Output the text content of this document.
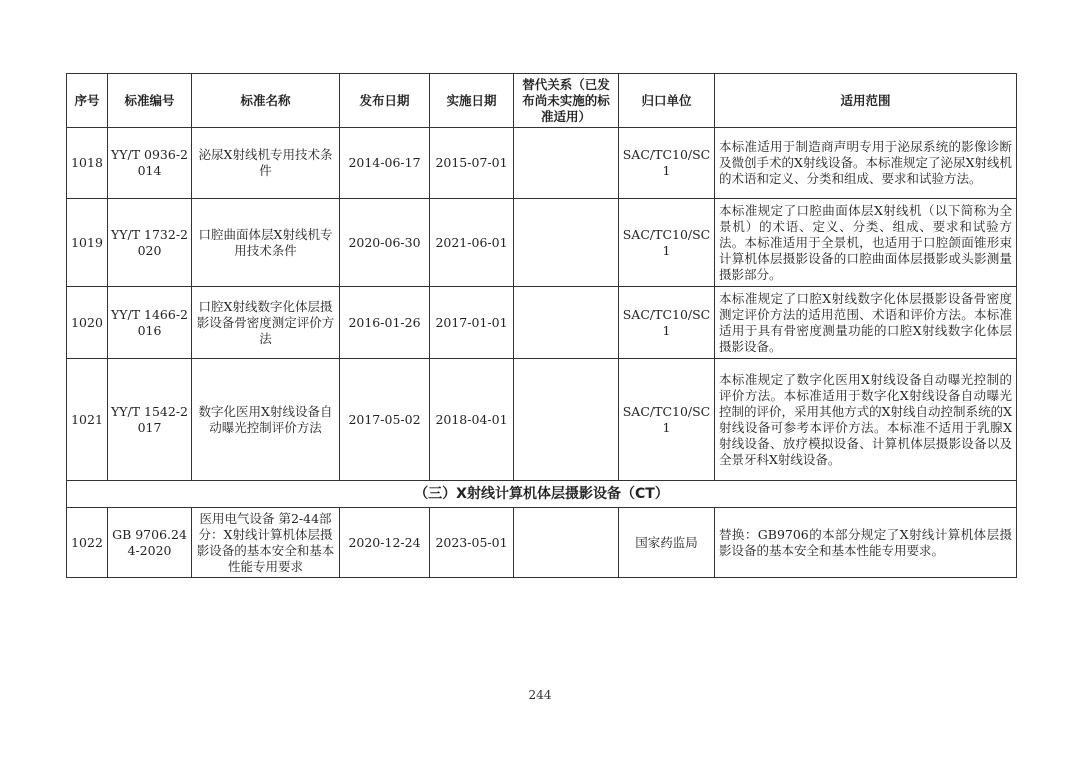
序号	标准编号	标准名称	发布日期	实施日期	替代关系（已发布尚未实施的标准适用）	归口单位	适用范围
1018	YY/T 0936-2014	泌尿X射线机专用技术条件	2014-06-17	2015-07-01		SAC/TC10/SC1	本标准适用于制造商声明专用于泌尿系统的影像诊断及微创手术的X射线设备。本标准规定了泌尿X射线机的术语和定义、分类和组成、要求和试验方法。
1019	YY/T 1732-2020	口腔曲面体层X射线机专用技术条件	2020-06-30	2021-06-01		SAC/TC10/SC1	本标准规定了口腔曲面体层X射线机（以下简称为全景机）的术语、定义、分类、组成、要求和试验方法。本标准适用于全景机，也适用于口腔颌面锥形束计算机体层摄影设备的口腔曲面体层摄影或头影测量摄影部分。
1020	YY/T 1466-2016	口腔X射线数字化体层摄影设备骨密度测定评价方法	2016-01-26	2017-01-01		SAC/TC10/SC1	本标准规定了口腔X射线数字化体层摄影设备骨密度测定评价方法的适用范围、术语和评价方法。本标准适用于具有骨密度测量功能的口腔X射线数字化体层摄影设备。
1021	YY/T 1542-2017	数字化医用X射线设备自动曝光控制评价方法	2017-05-02	2018-04-01		SAC/TC10/SC1	本标准规定了数字化医用X射线设备自动曝光控制的评价方法。本标准适用于数字化X射线设备自动曝光控制的评价，采用其他方式的X射线自动控制系统的X射线设备可参考本评价方法。本标准不适用于乳腺X射线设备、放疗模拟设备、计算机体层摄影设备以及全景牙科X射线设备。
（三）X射线计算机体层摄影设备（CT）							
1022	GB 9706.244-2020	医用电气设备 第2-44部分：X射线计算机体层摄影设备的基本安全和基本性能专用要求	2020-12-24	2023-05-01		国家药监局	替换：GB9706的本部分规定了X射线计算机体层摄影设备的基本安全和基本性能专用要求。
244
